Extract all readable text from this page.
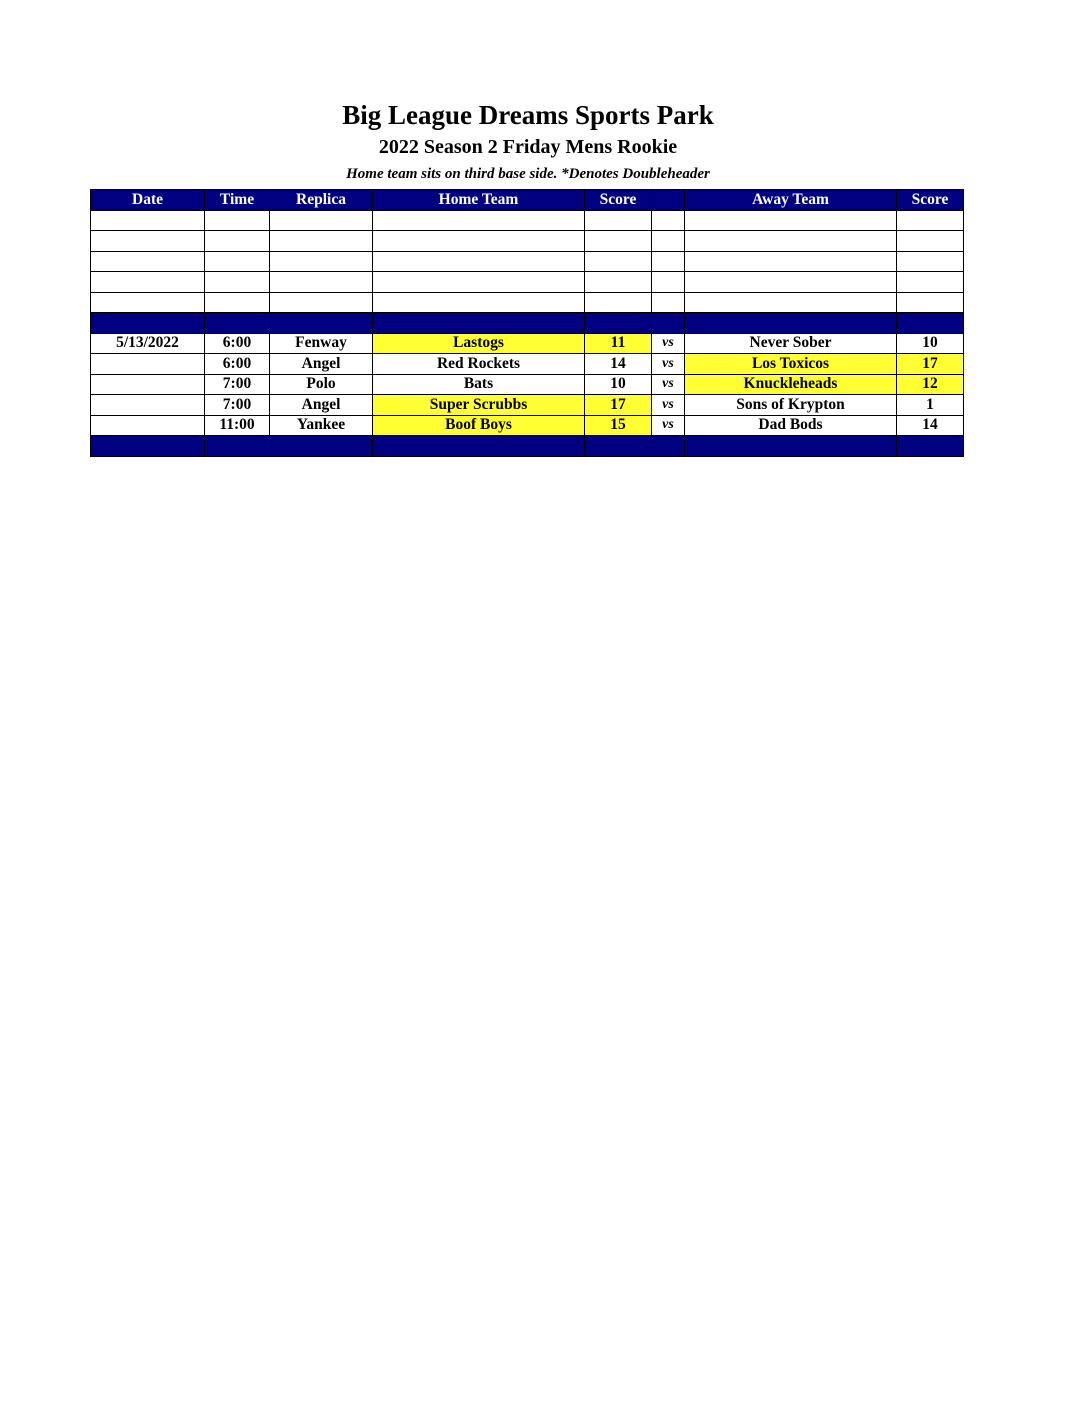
Big League Dreams Sports Park
2022 Season 2 Friday Mens Rookie
Home team sits on third base side. *Denotes Doubleheader
Date	Time	Replica	Home Team	Score		Away Team	Score

5/13/2022	6:00	Fenway	Lastogs	11	vs	Never Sober	10
	6:00	Angel	Red Rockets	14	vs	Los Toxicos	17
	7:00	Polo	Bats	10	vs	Knuckleheads	12
	7:00	Angel	Super Scrubbs	17	vs	Sons of Krypton	1
	11:00	Yankee	Boof Boys	15	vs	Dad Bods	14
